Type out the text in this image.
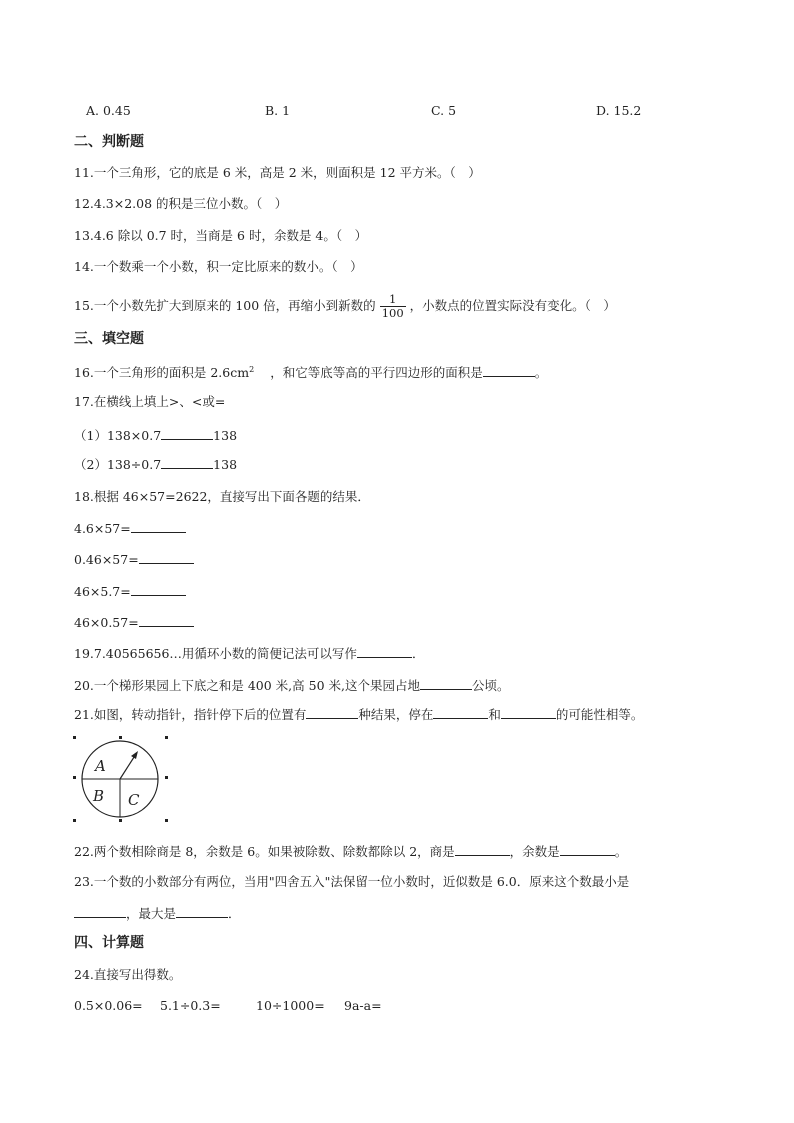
A. 0.45	B. 1	C. 5	D. 15.2
二、判断题
11.一个三角形，它的底是 6 米，高是 2 米，则面积是 12 平方米。（　）
12.4.3×2.08 的积是三位小数。（　）
13.4.6 除以 0.7 时，当商是 6 时，余数是 4。（　）
14.一个数乘一个小数，积一定比原来的数小。（　）
15.一个小数先扩大到原来的 100 倍，再缩小到新数的 $\frac{1}{100}$ ，小数点的位置实际没有变化。（　）
三、填空题
16.一个三角形的面积是 $2.6cm^2$ ，和它等底等高的平行四边形的面积是	。
17.在横线上填上>、<或=
（1）138×0.7	138
（2）138÷0.7	138
18.根据 46×57=2622，直接写出下面各题的结果．
4.6×57=
0.46×57=
46×5.7=
46×0.57=
19.7.40565656…用循环小数的简便记法可以写作	．
20.一个梯形果园上下底之和是 400 米,高 50 米,这个果园占地	公顷。
21.如图，转动指针，指针停下后的位置有	种结果，停在	和	的可能性相等。
A
B C
22.两个数相除商是 8，余数是 6。如果被除数、除数都除以 2，商是	，余数是	。
23.一个数的小数部分有两位，当用"四舍五入"法保留一位小数时，近似数是 6.0．原来这个数最小是
，最大是	．
四、计算题
24.直接写出得数。
0.5×0.06= 5.1÷0.3=	10÷1000= 9a-a=
